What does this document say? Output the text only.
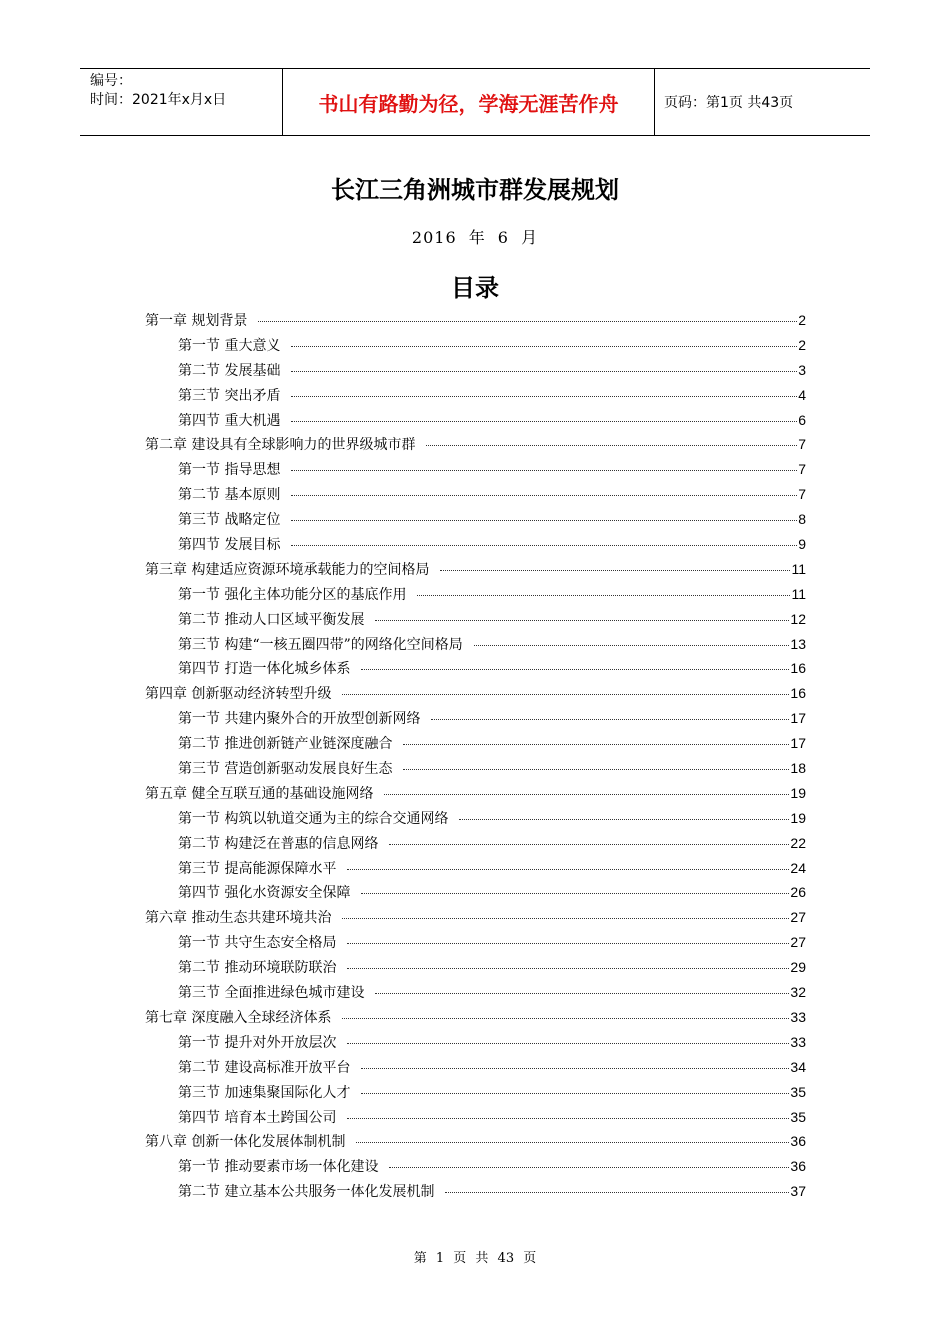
编号：
时间：2021年x月x日	书山有路勤为径，学海无涯苦作舟	页码：第1页 共43页
长江三角洲城市群发展规划
2016 年 6 月
目录
第一章 规划背景	2
第一节 重大意义	2
第二节 发展基础	3
第三节 突出矛盾	4
第四节 重大机遇	6
第二章 建设具有全球影响力的世界级城市群	7
第一节 指导思想	7
第二节 基本原则	7
第三节 战略定位	8
第四节 发展目标	9
第三章 构建适应资源环境承载能力的空间格局	11
第一节 强化主体功能分区的基底作用	11
第二节 推动人口区域平衡发展	12
第三节 构建“一核五圈四带”的网络化空间格局	13
第四节 打造一体化城乡体系	16
第四章 创新驱动经济转型升级	16
第一节 共建内聚外合的开放型创新网络	17
第二节 推进创新链产业链深度融合	17
第三节 营造创新驱动发展良好生态	18
第五章 健全互联互通的基础设施网络	19
第一节 构筑以轨道交通为主的综合交通网络	19
第二节 构建泛在普惠的信息网络	22
第三节 提高能源保障水平	24
第四节 强化水资源安全保障	26
第六章 推动生态共建环境共治	27
第一节 共守生态安全格局	27
第二节 推动环境联防联治	29
第三节 全面推进绿色城市建设	32
第七章 深度融入全球经济体系	33
第一节 提升对外开放层次	33
第二节 建设高标准开放平台	34
第三节 加速集聚国际化人才	35
第四节 培育本土跨国公司	35
第八章 创新一体化发展体制机制	36
第一节 推动要素市场一体化建设	36
第二节 建立基本公共服务一体化发展机制	37
第 1 页 共 43 页
